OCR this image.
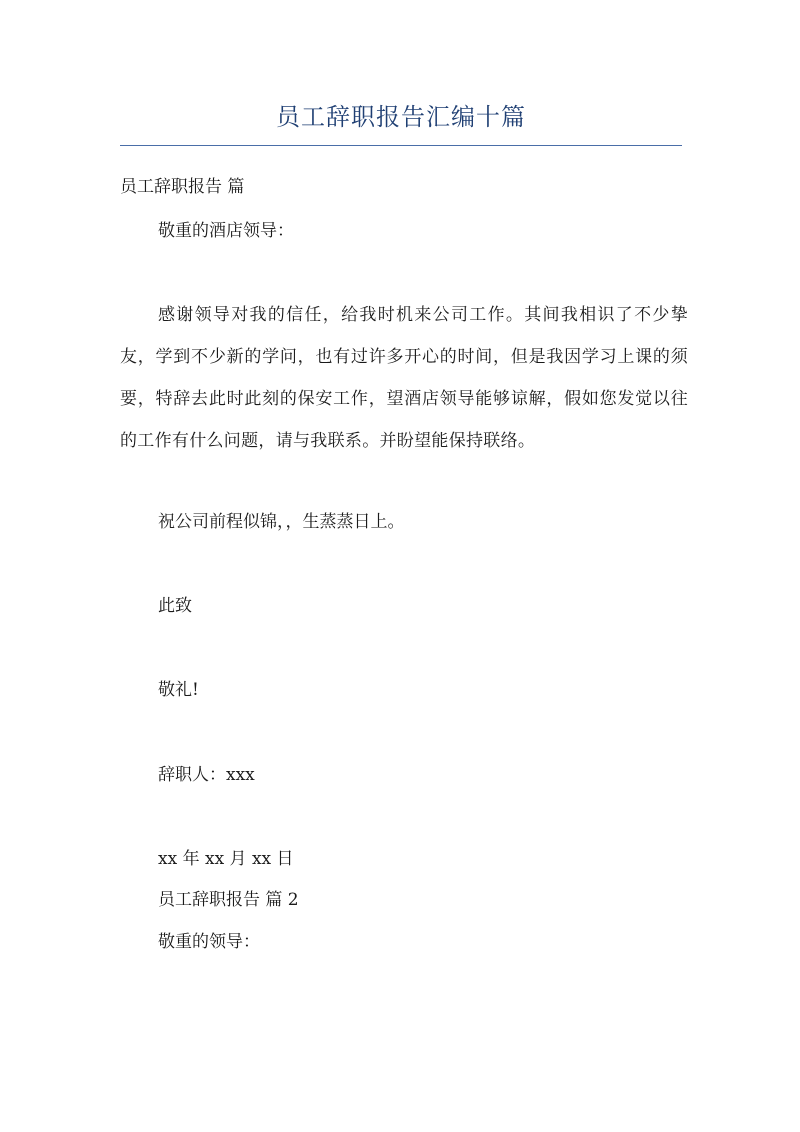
员工辞职报告汇编十篇
员工辞职报告 篇
敬重的酒店领导：
感谢领导对我的信任，给我时机来公司工作。其间我相识了不少挚友，学到不少新的学问，也有过许多开心的时间，但是我因学习上课的须要，特辞去此时此刻的保安工作，望酒店领导能够谅解，假如您发觉以往的工作有什么问题，请与我联系。并盼望能保持联络。
祝公司前程似锦，，生蒸蒸日上。
此致
敬礼!
辞职人：xxx
xx 年 xx 月 xx 日
员工辞职报告 篇 2
敬重的领导：
